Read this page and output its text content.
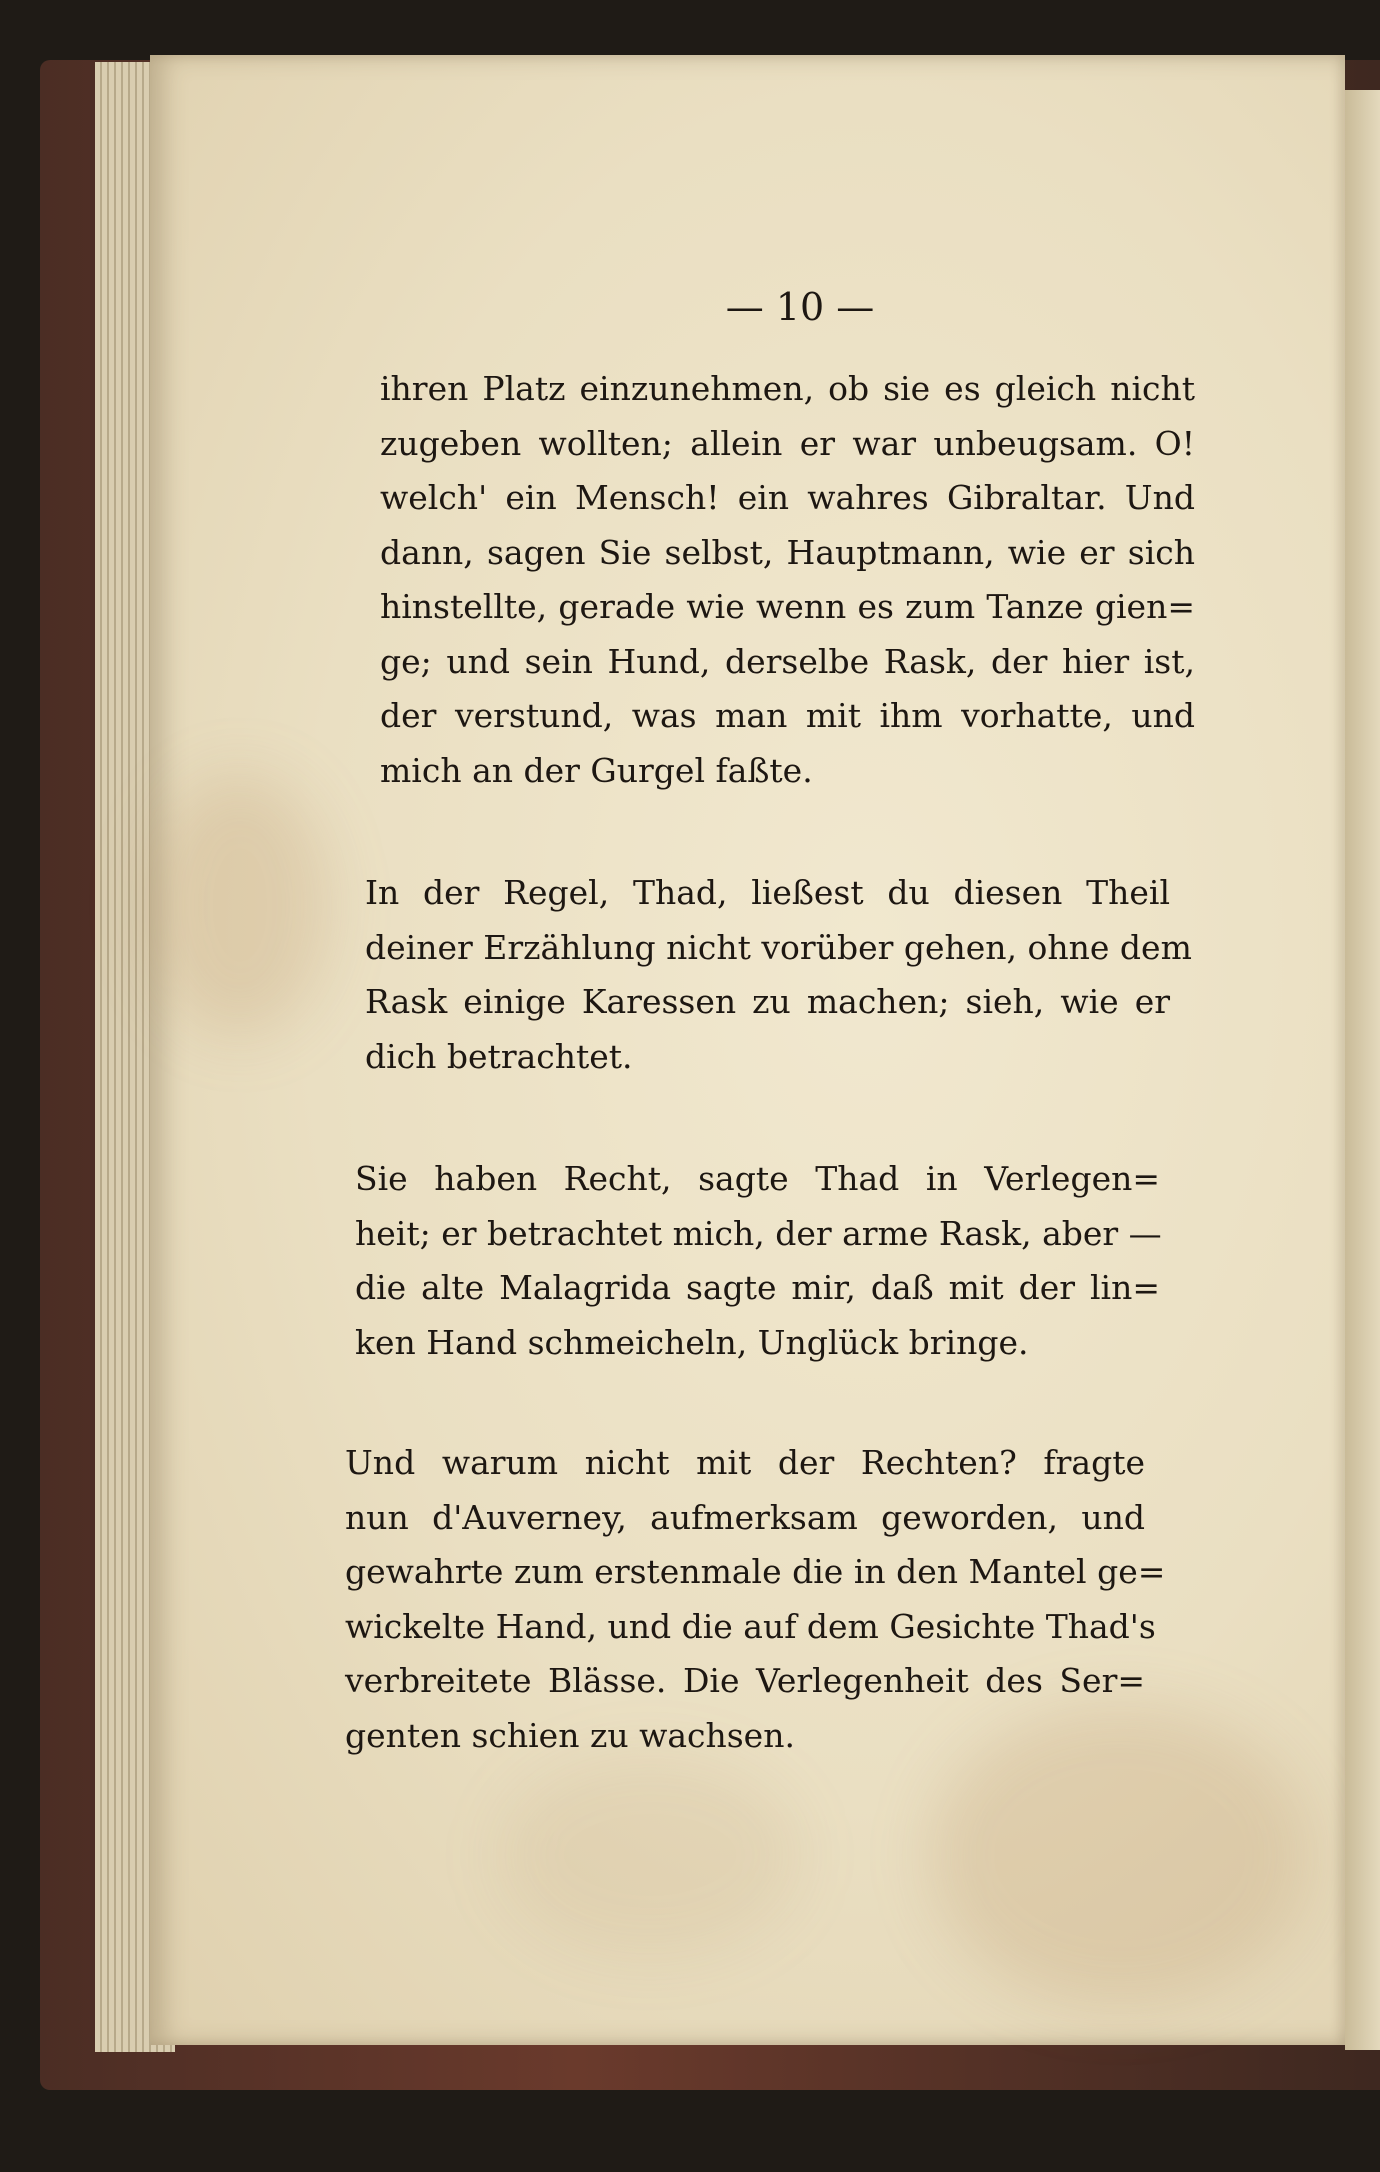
— 10 —
ihren Platz einzunehmen, ob sie es gleich nicht
zugeben wollten; allein er war unbeugsam. O!
welch' ein Mensch! ein wahres Gibraltar. Und
dann, sagen Sie selbst, Hauptmann, wie er sich
hinstellte, gerade wie wenn es zum Tanze gien=
ge; und sein Hund, derselbe Rask, der hier ist,
der verstund, was man mit ihm vorhatte, und
mich an der Gurgel faßte.
In der Regel, Thad, ließest du diesen Theil
deiner Erzählung nicht vorüber gehen, ohne dem
Rask einige Karessen zu machen; sieh, wie er
dich betrachtet.
Sie haben Recht, sagte Thad in Verlegen=
heit; er betrachtet mich, der arme Rask, aber —
die alte Malagrida sagte mir, daß mit der lin=
ken Hand schmeicheln, Unglück bringe.
Und warum nicht mit der Rechten? fragte
nun d'Auverney, aufmerksam geworden, und
gewahrte zum erstenmale die in den Mantel ge=
wickelte Hand, und die auf dem Gesichte Thad's
verbreitete Blässe. Die Verlegenheit des Ser=
genten schien zu wachsen.
